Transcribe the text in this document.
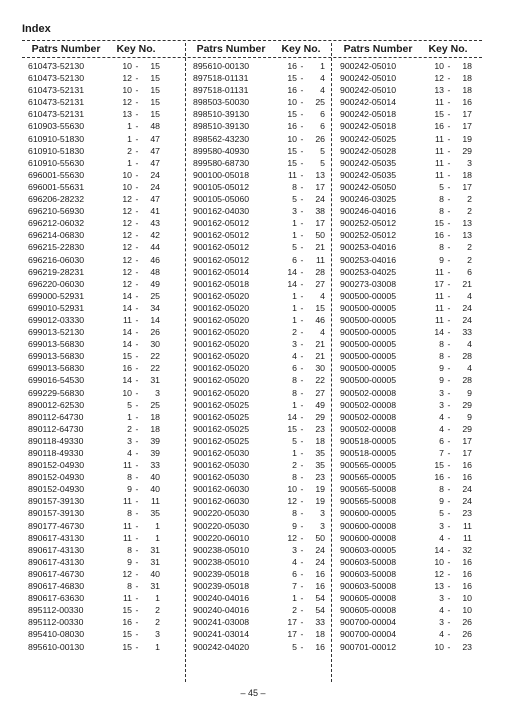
Index
Patrs Number	Key No.
610473-52130	10 -	15
610473-52130	12 -	15
610473-52131	10 -	15
610473-52131	12 -	15
610473-52131	13 -	15
610903-55630	1 -	48
610910-51830	1 -	47
610910-51830	2 -	47
610910-55630	1 -	47
696001-55630	10 -	24
696001-55631	10 -	24
696206-28232	12 -	47
696210-56930	12 -	41
696212-06032	12 -	43
696214-06830	12 -	42
696215-22830	12 -	44
696216-06030	12 -	46
696219-28231	12 -	48
696220-06030	12 -	49
699000-52931	14 -	25
699010-52931	14 -	34
699012-03330	11 -	14
699013-52130	14 -	26
699013-56830	14 -	30
699013-56830	15 -	22
699013-56830	16 -	22
699016-54530	14 -	31
699229-56830	10 -	3
890012-62530	5 -	25
890112-64730	1 -	18
890112-64730	2 -	18
890118-49330	3 -	39
890118-49330	4 -	39
890152-04930	11 -	33
890152-04930	8 -	40
890152-04930	9 -	40
890157-39130	11 -	11
890157-39130	8 -	35
890177-46730	11 -	1
890617-43130	11 -	1
890617-43130	8 -	31
890617-43130	9 -	31
890617-46730	12 -	40
890617-46830	8 -	31
890617-63630	11 -	1
895112-00330	15 -	2
895112-00330	16 -	2
895410-08030	15 -	3
895610-00130	15 -	1
Patrs Number	Key No.
895610-00130	16 -	1
897518-01131	15 -	4
897518-01131	16 -	4
898503-50030	10 -	25
898510-39130	15 -	6
898510-39130	16 -	6
898562-43230	10 -	26
899580-40930	15 -	5
899580-68730	15 -	5
900100-05018	11 -	13
900105-05012	8 -	17
900105-05060	5 -	24
900162-04030	3 -	38
900162-05012	1 -	17
900162-05012	1 -	50
900162-05012	5 -	21
900162-05012	6 -	11
900162-05014	14 -	28
900162-05018	14 -	27
900162-05020	1 -	4
900162-05020	1 -	15
900162-05020	1 -	46
900162-05020	2 -	4
900162-05020	3 -	21
900162-05020	4 -	21
900162-05020	6 -	30
900162-05020	8 -	22
900162-05020	8 -	27
900162-05025	1 -	49
900162-05025	14 -	29
900162-05025	15 -	23
900162-05025	5 -	18
900162-05030	1 -	35
900162-05030	2 -	35
900162-05030	8 -	23
900162-06030	10 -	19
900162-06030	12 -	19
900220-05030	8 -	3
900220-05030	9 -	3
900220-06010	12 -	50
900238-05010	3 -	24
900238-05010	4 -	24
900239-05018	6 -	16
900239-05018	7 -	16
900240-04016	1 -	54
900240-04016	2 -	54
900241-03008	17 -	33
900241-03014	17 -	18
900242-04020	5 -	16
Patrs Number	Key No.
900242-05010	10 -	18
900242-05010	12 -	18
900242-05010	13 -	18
900242-05014	11 -	16
900242-05018	15 -	17
900242-05018	16 -	17
900242-05025	11 -	19
900242-05028	11 -	29
900242-05035	11 -	3
900242-05035	11 -	18
900242-05050	5 -	17
900246-03025	8 -	2
900246-04016	8 -	2
900252-05012	15 -	13
900252-05012	16 -	13
900253-04016	8 -	2
900253-04016	9 -	2
900253-04025	11 -	6
900273-03008	17 -	21
900500-00005	11 -	4
900500-00005	11 -	24
900500-00005	11 -	24
900500-00005	14 -	33
900500-00005	8 -	4
900500-00005	8 -	28
900500-00005	9 -	4
900500-00005	9 -	28
900502-00008	3 -	9
900502-00008	3 -	29
900502-00008	4 -	9
900502-00008	4 -	29
900518-00005	6 -	17
900518-00005	7 -	17
900565-00005	15 -	16
900565-00005	16 -	16
900565-50008	8 -	24
900565-50008	9 -	24
900600-00005	5 -	23
900600-00008	3 -	11
900600-00008	4 -	11
900603-00005	14 -	32
900603-50008	10 -	16
900603-50008	12 -	16
900603-50008	13 -	16
900605-00008	3 -	10
900605-00008	4 -	10
900700-00004	3 -	26
900700-00004	4 -	26
900701-00012	10 -	23
– 45 –
